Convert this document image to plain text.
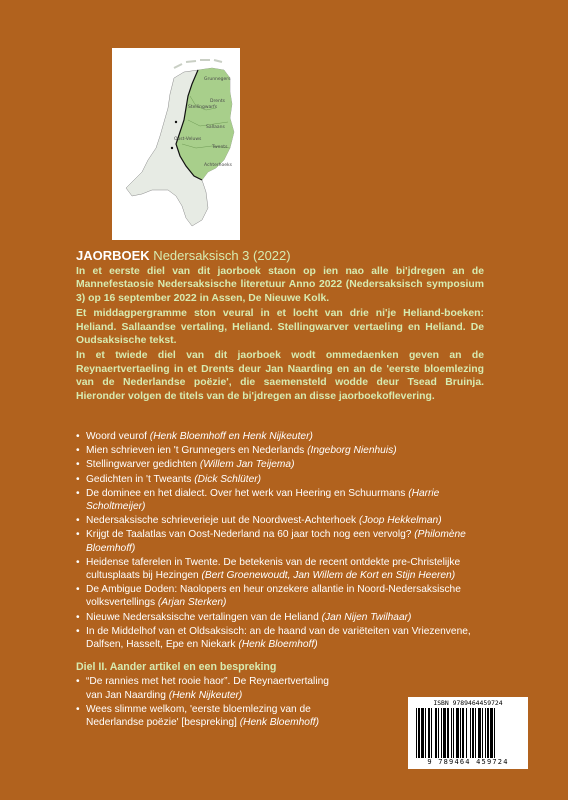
Grunnegers
Drents
Stellingwarfs
Oost-Veluws
Sallaans
Twents
Achterhoeks
JAORBOEK Nedersaksisch 3 (2022)

In et eerste diel van dit jaorboek staon op ien nao alle bi'jdregen an de Mannefestaosie Nedersaksische literetuur Anno 2022 (Nedersaksisch symposium 3) op 16 september 2022 in Assen, De Nieuwe Kolk.

Et middagpergramme ston veural in et locht van drie ni'je Heliand-boeken: Heliand. Sallaandse vertaling, Heliand. Stellingwarver vertaeling en Heliand. De Oudsaksische tekst.

In et twiede diel van dit jaorboek wodt ommedaenken geven an de Reynaertvertaeling in et Drents deur Jan Naarding en an de 'eerste bloemlezing van de Nederlandse poëzie', die saemensteld wodde deur Tsead Bruinja. Hieronder volgen de titels van de bi'jdregen an disse jaorboekoflevering.

• Woord veurof (Henk Bloemhoff en Henk Nijkeuter)
• Mien schrieven ien 't Grunnegers en Nederlands (Ingeborg Nienhuis)
• Stellingwarver gedichten (Willem Jan Teijema)
• Gedichten in 't Tweants (Dick Schlüter)
• De dominee en het dialect. Over het werk van Heering en Schuurmans (Harrie Scholtmeijer)
• Nedersaksische schrieverieje uut de Noordwest-Achterhoek (Joop Hekkelman)
• Krijgt de Taalatlas van Oost-Nederland na 60 jaar toch nog een vervolg? (Philomène Bloemhoff)
• Heidense taferelen in Twente. De betekenis van de recent ontdekte pre-Christelijke cultusplaats bij Hezingen (Bert Groenewoudt, Jan Willem de Kort en Stijn Heeren)
• De Ambigue Doden: Naolopers en heur onzekere allantie in Noord-Nedersaksische volksvertellings (Arjan Sterken)
• Nieuwe Nedersaksische vertalingen van de Heliand (Jan Nijen Twilhaar)
• In de Middelhof van et Oldsaksisch: an de haand van de variëteiten van Vriezenvene, Dalfsen, Hasselt, Epe en Niekark (Henk Bloemhoff)
Diel II. Aander artikel en een bespreking
• “De rannies met het rooie haor”. De Reynaertvertaling van Jan Naarding (Henk Nijkeuter)
• Wees slimme welkom, 'eerste bloemlezing van de Nederlandse poëzie' [bespreking] (Henk Bloemhoff)
ISBN 9789464459724
9 789464 459724
